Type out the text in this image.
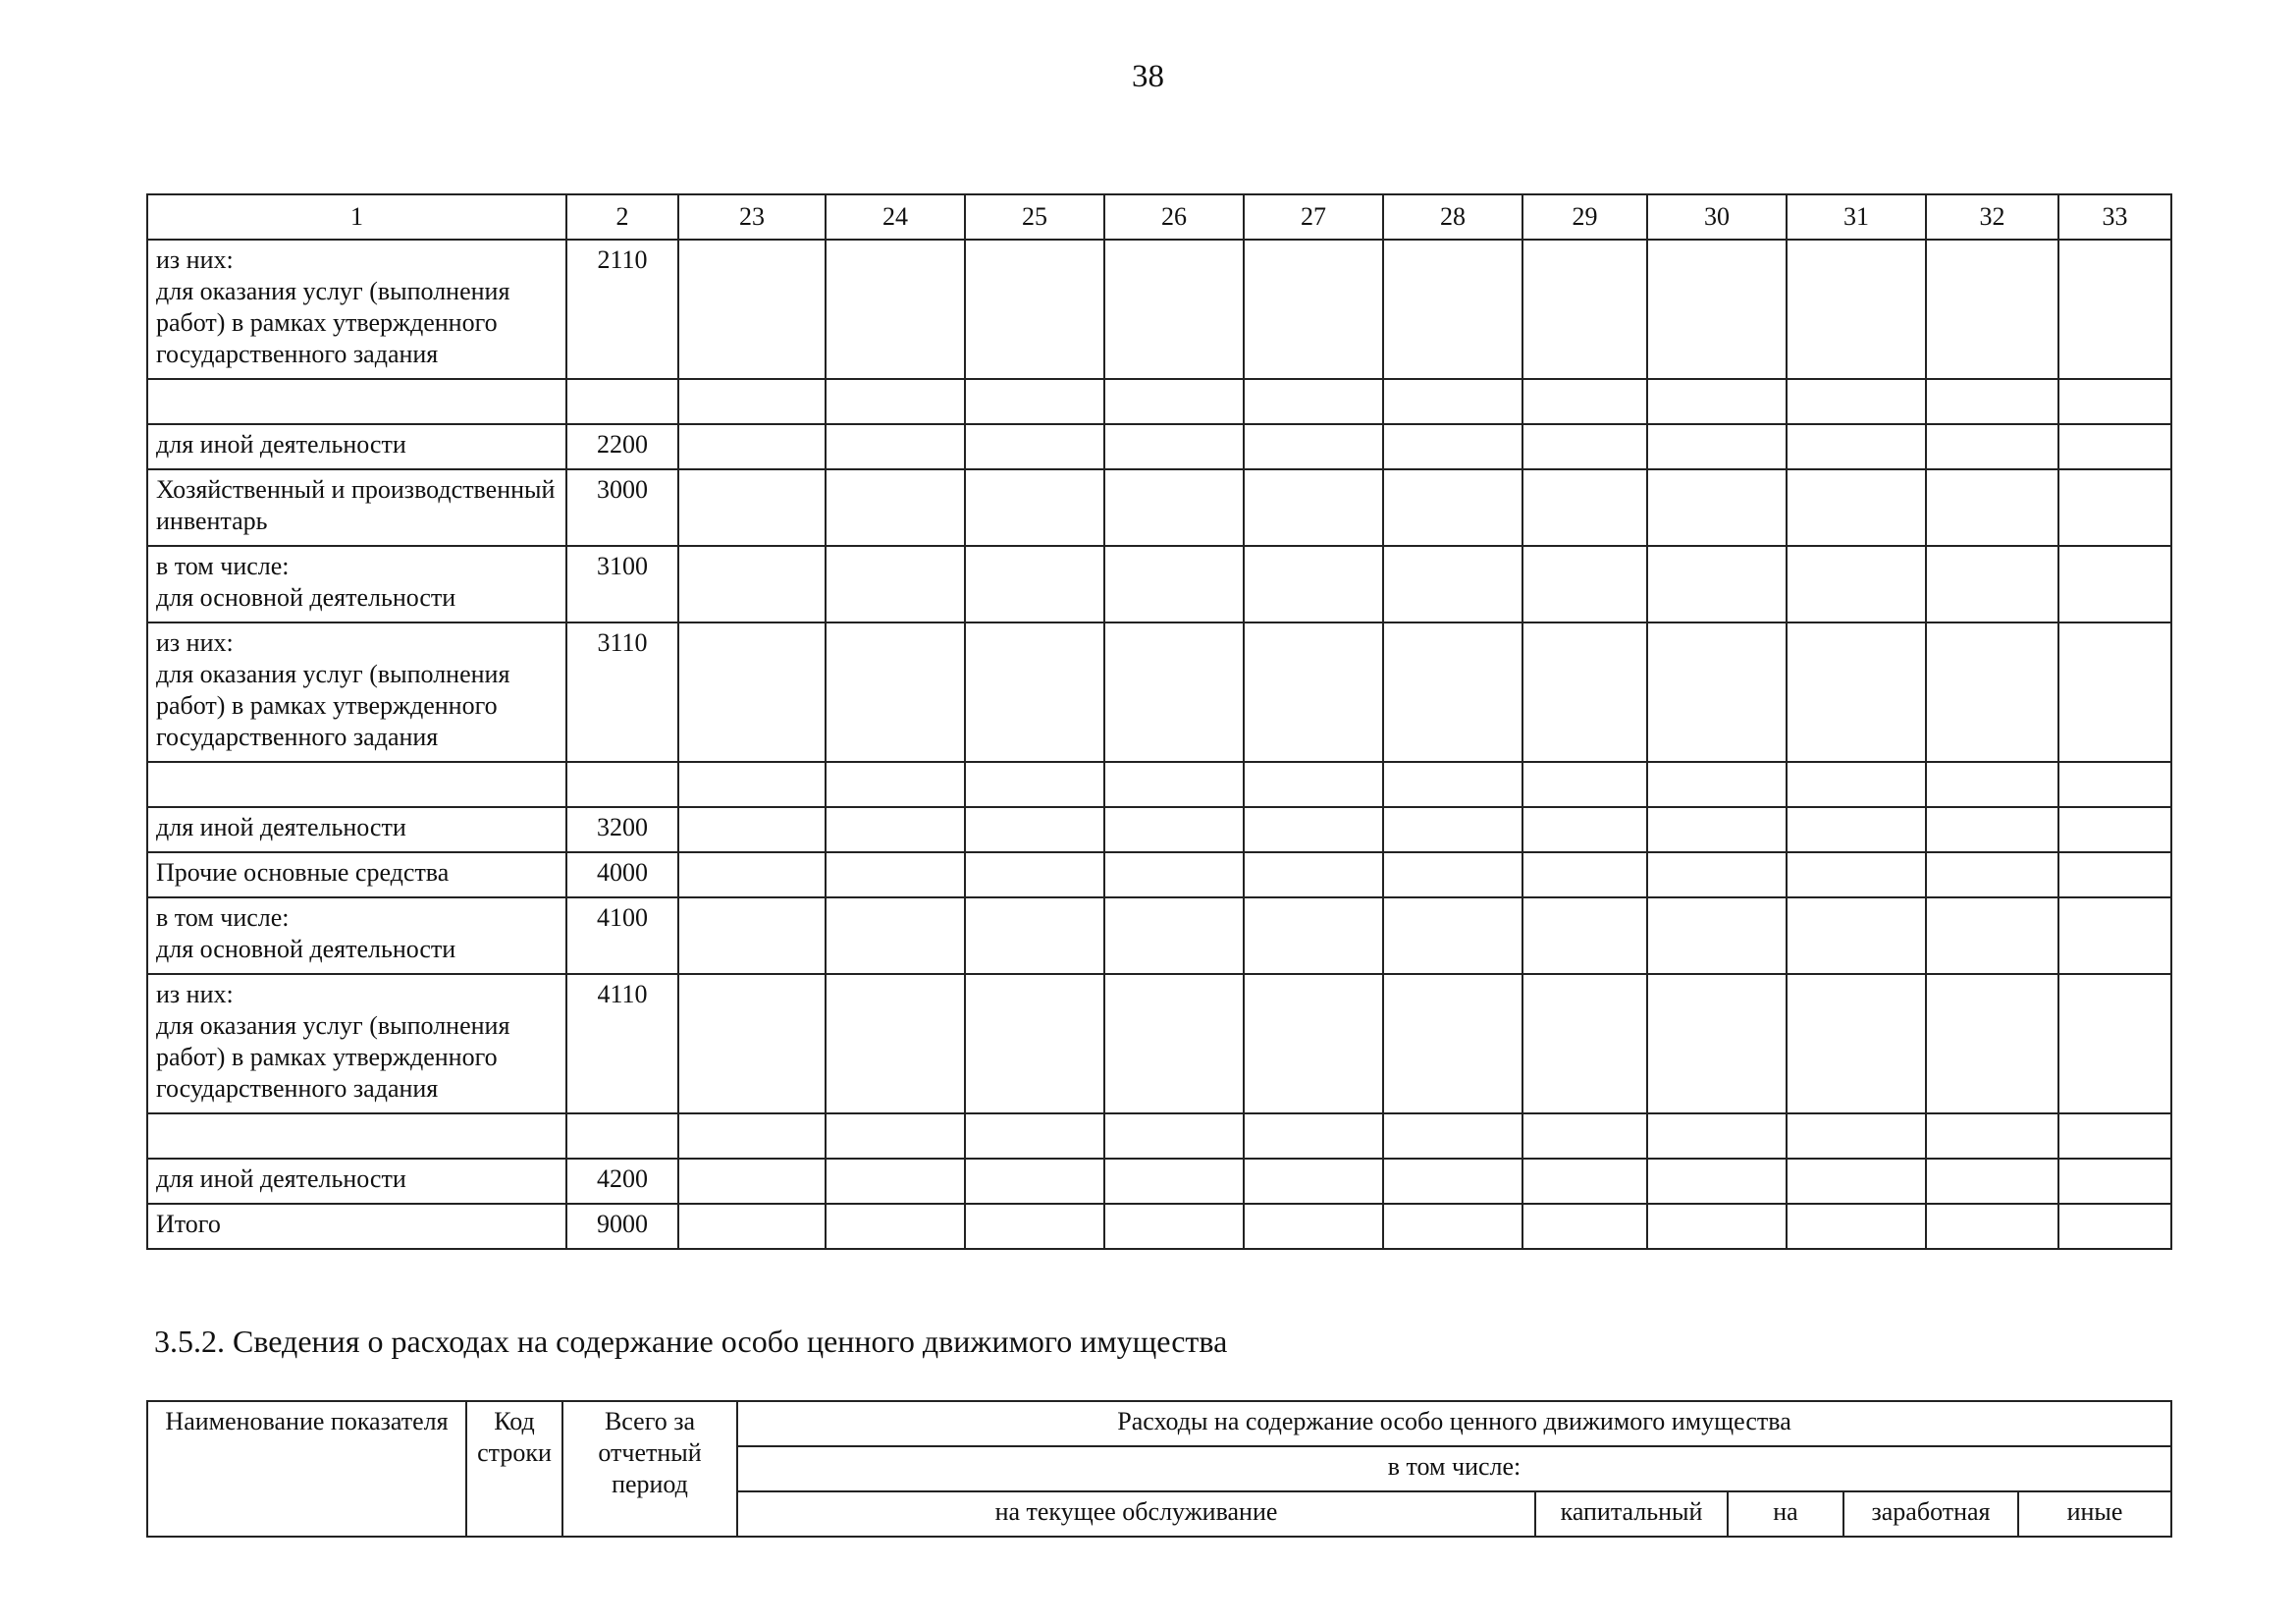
38
1	2	23	24	25	26	27	28	29	30	31	32	33
из них:
для оказания услуг (выполнения работ) в рамках утвержденного государственного задания	2110											

для иной деятельности	2200											
Хозяйственный и производственный инвентарь	3000											
в том числе:
для основной деятельности	3100											
из них:
для оказания услуг (выполнения работ) в рамках утвержденного государственного задания	3110											

для иной деятельности	3200											
Прочие основные средства	4000											
в том числе:
для основной деятельности	4100											
из них:
для оказания услуг (выполнения работ) в рамках утвержденного государственного задания	4110											

для иной деятельности	4200											
Итого	9000											
3.5.2. Сведения о расходах на содержание особо ценного движимого имущества
Наименование показателя	Код строки	Всего за отчетный период	Расходы на содержание особо ценного движимого имущества				
			в том числе:				
			на текущее обслуживание	капитальный	на	заработная	иные
